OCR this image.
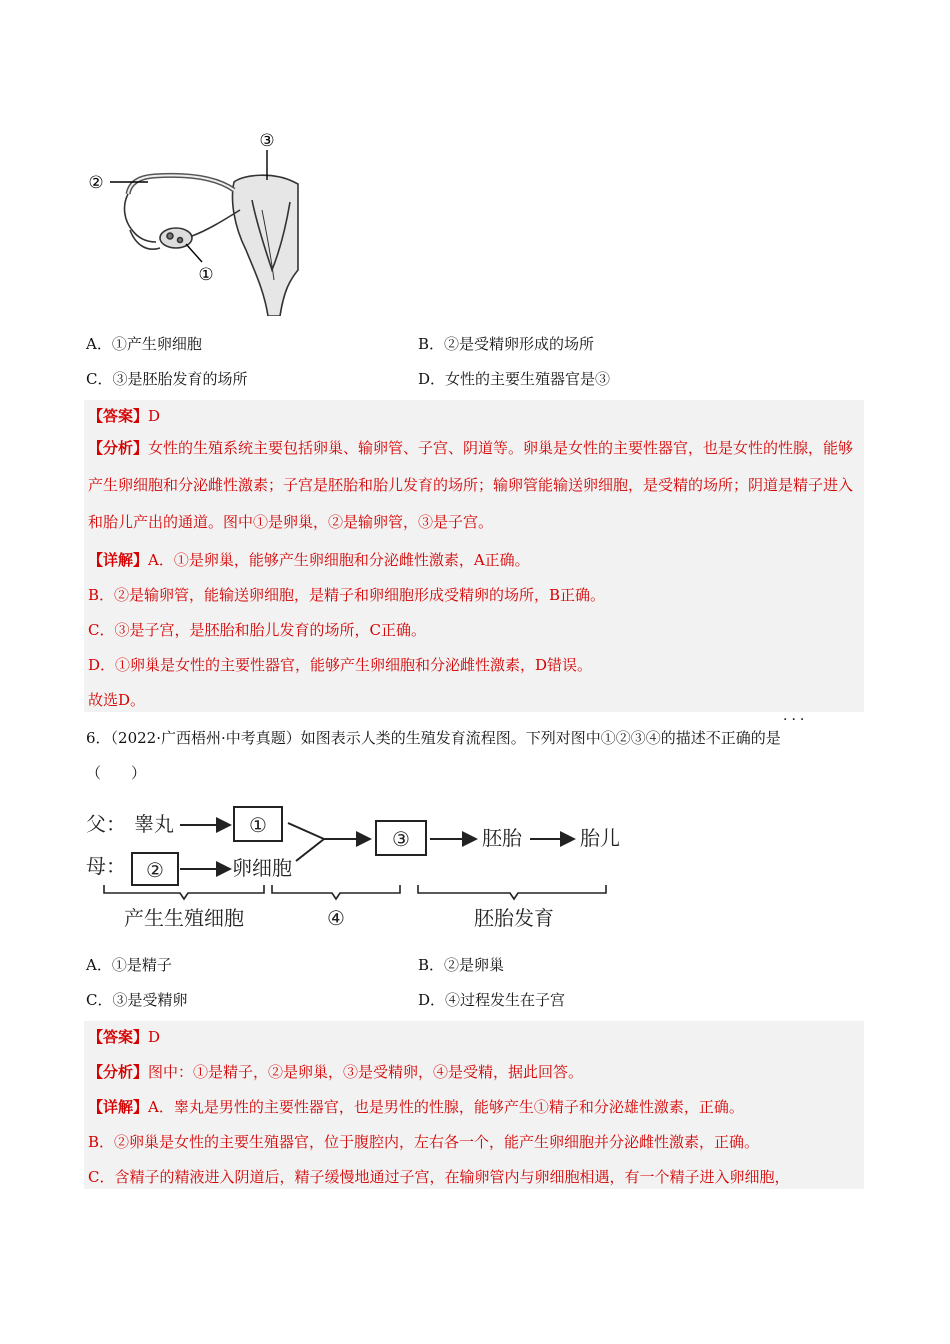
③
②
①
A．①产生卵细胞	B．②是受精卵形成的场所
C．③是胚胎发育的场所	D．女性的主要生殖器官是③
【答案】D
【分析】女性的生殖系统主要包括卵巢、输卵管、子宫、阴道等。卵巢是女性的主要性器官，也是女性的性腺，能够产生卵细胞和分泌雌性激素；子宫是胚胎和胎儿发育的场所；输卵管能输送卵细胞，是受精的场所；阴道是精子进入和胎儿产出的通道。图中①是卵巢，②是输卵管，③是子宫。
【详解】A．①是卵巢，能够产生卵细胞和分泌雌性激素，A正确。
B．②是输卵管，能输送卵细胞，是精子和卵细胞形成受精卵的场所，B正确。
C．③是子宫，是胚胎和胎儿发育的场所，C正确。
D．①卵巢是女性的主要性器官，能够产生卵细胞和分泌雌性激素，D错误。
故选D。
···
6．（2022·广西梧州·中考真题）如图表示人类的生殖发育流程图。下列对图中①②③④的描述不正确的是
（　　）
父： 睾丸	①
母： ②	卵细胞
③	胚胎	胎儿
产生生殖细胞	④	胚胎发育
A．①是精子	B．②是卵巢
C．③是受精卵	D．④过程发生在子宫
【答案】D
【分析】图中：①是精子，②是卵巢，③是受精卵，④是受精，据此回答。
【详解】A．睾丸是男性的主要性器官，也是男性的性腺，能够产生①精子和分泌雄性激素，正确。
B．②卵巢是女性的主要生殖器官，位于腹腔内，左右各一个，能产生卵细胞并分泌雌性激素，正确。
C．含精子的精液进入阴道后，精子缓慢地通过子宫，在输卵管内与卵细胞相遇，有一个精子进入卵细胞，
